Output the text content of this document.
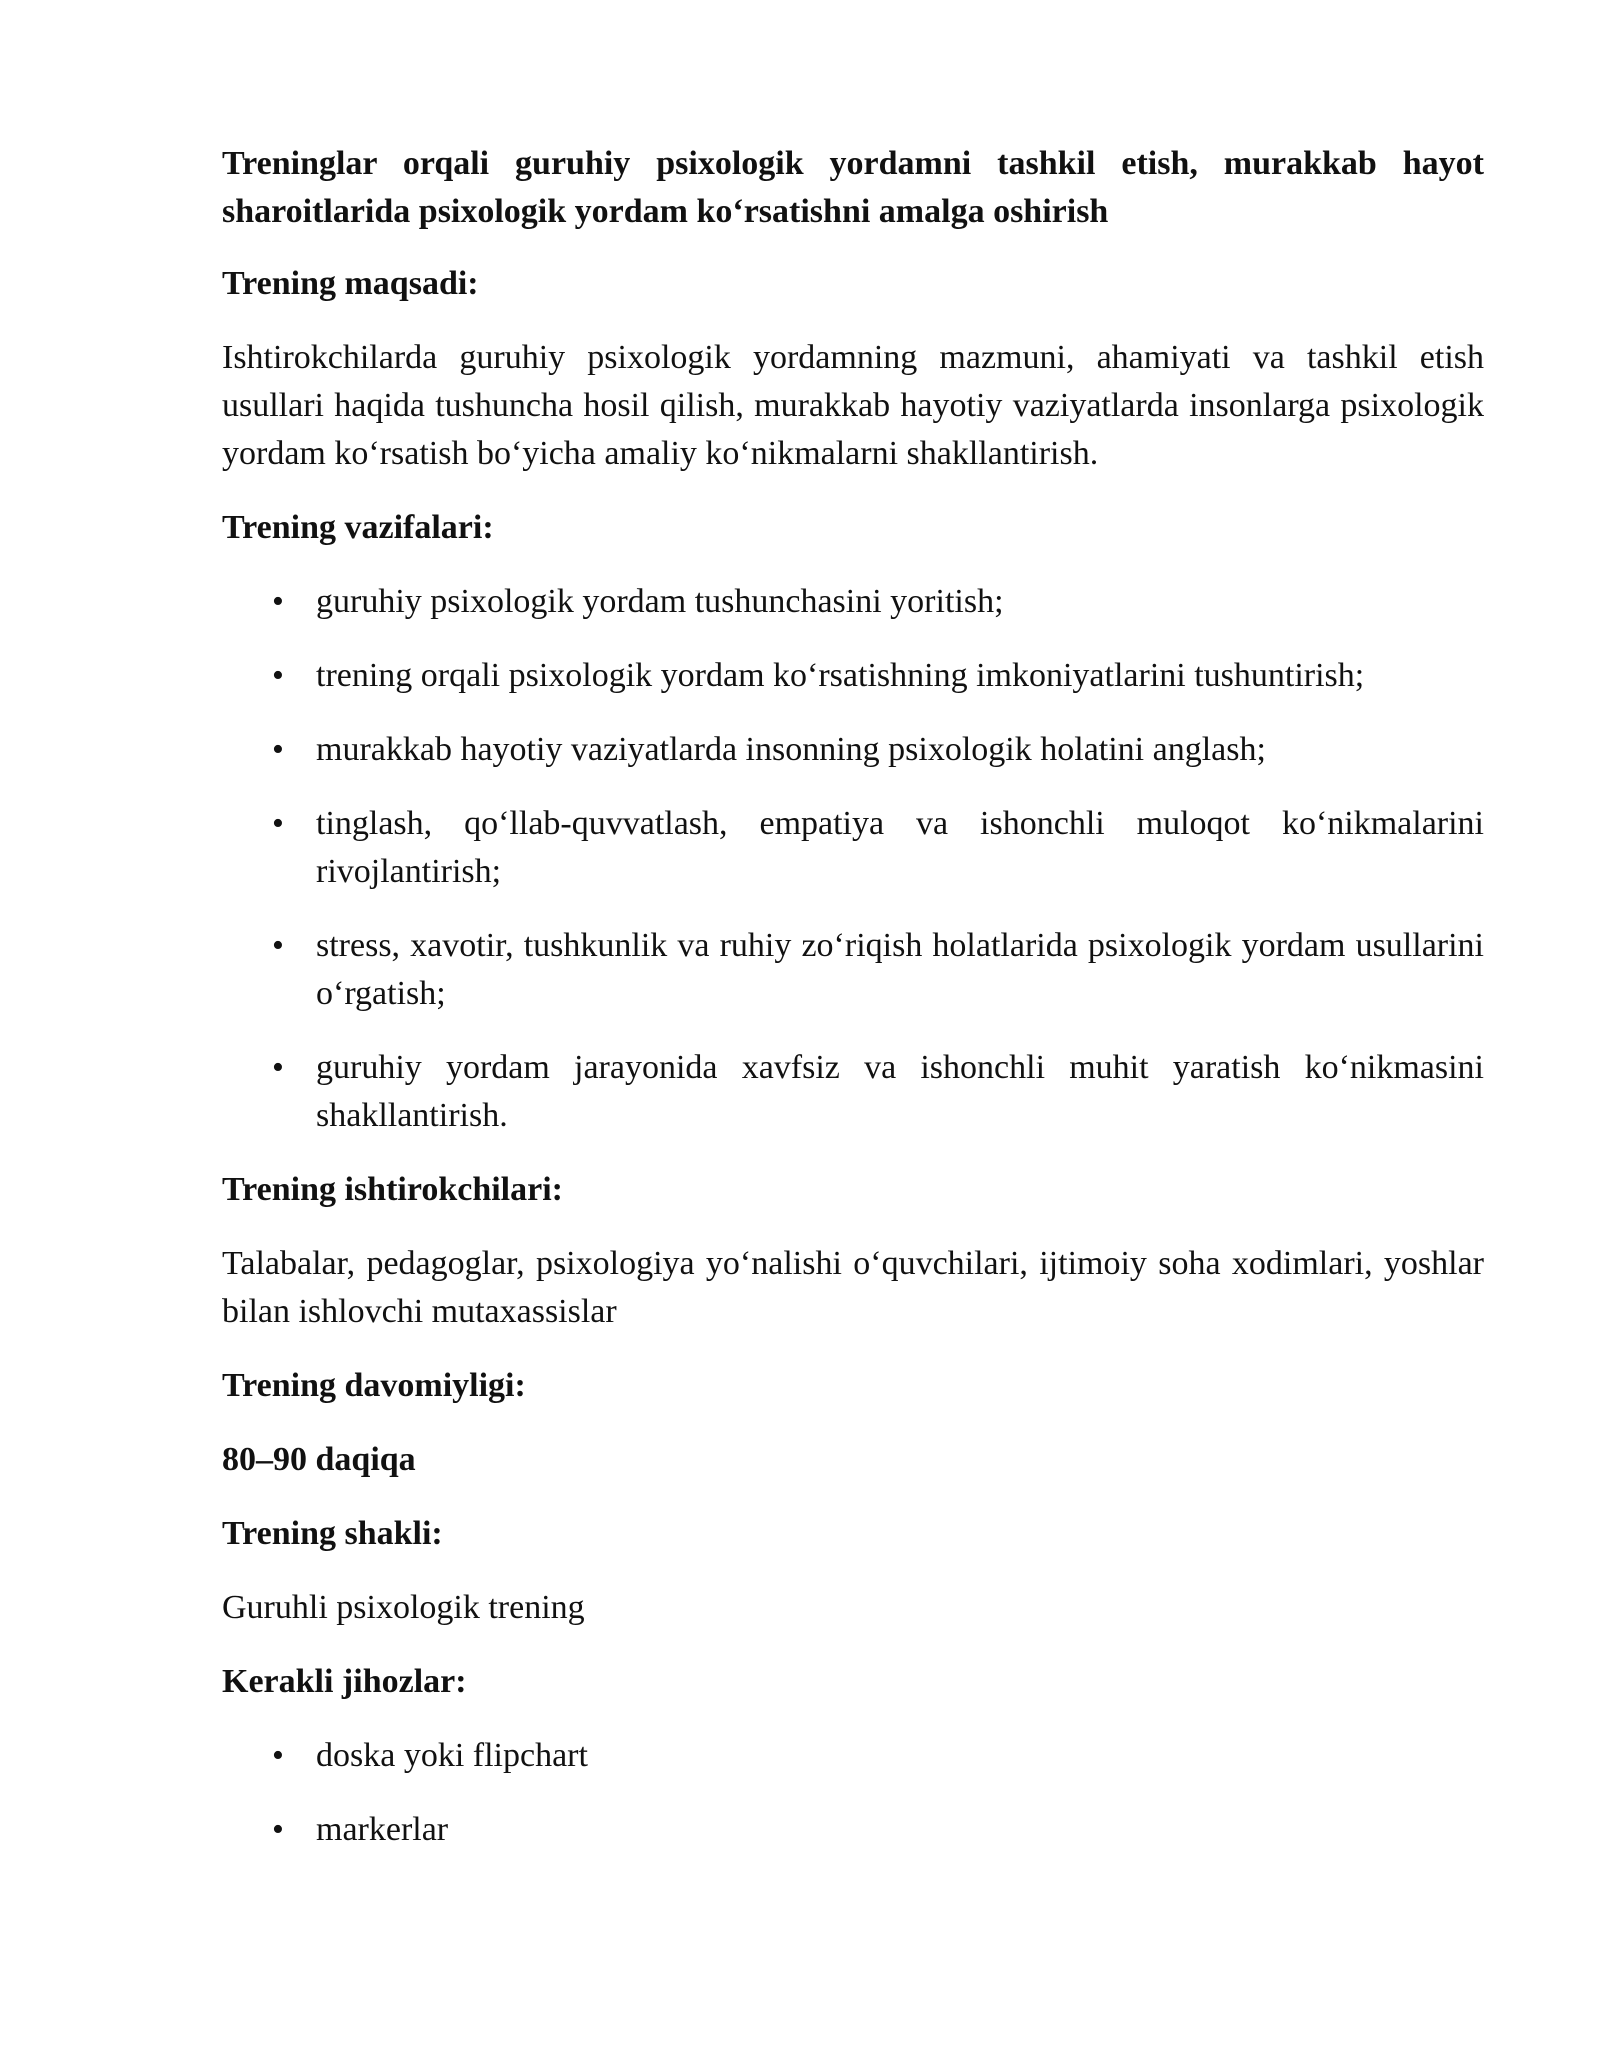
Treninglar orqali guruhiy psixologik yordamni tashkil etish, murakkab hayot sharoitlarida psixologik yordam ko‘rsatishni amalga oshirish

Trening maqsadi:

Ishtirokchilarda guruhiy psixologik yordamning mazmuni, ahamiyati va tashkil etish usullari haqida tushuncha hosil qilish, murakkab hayotiy vaziyatlarda insonlarga psixologik yordam ko‘rsatish bo‘yicha amaliy ko‘nikmalarni shakllantirish.

Trening vazifalari:

• guruhiy psixologik yordam tushunchasini yoritish;
• trening orqali psixologik yordam ko‘rsatishning imkoniyatlarini tushuntirish;
• murakkab hayotiy vaziyatlarda insonning psixologik holatini anglash;
• tinglash, qo‘llab-quvvatlash, empatiya va ishonchli muloqot ko‘nikmalarini rivojlantirish;
• stress, xavotir, tushkunlik va ruhiy zo‘riqish holatlarida psixologik yordam usullarini o‘rgatish;
• guruhiy yordam jarayonida xavfsiz va ishonchli muhit yaratish ko‘nikmasini shakllantirish.

Trening ishtirokchilari:

Talabalar, pedagoglar, psixologiya yo‘nalishi o‘quvchilari, ijtimoiy soha xodimlari, yoshlar bilan ishlovchi mutaxassislar

Trening davomiyligi:

80–90 daqiqa

Trening shakli:

Guruhli psixologik trening

Kerakli jihozlar:

• doska yoki flipchart
• markerlar
